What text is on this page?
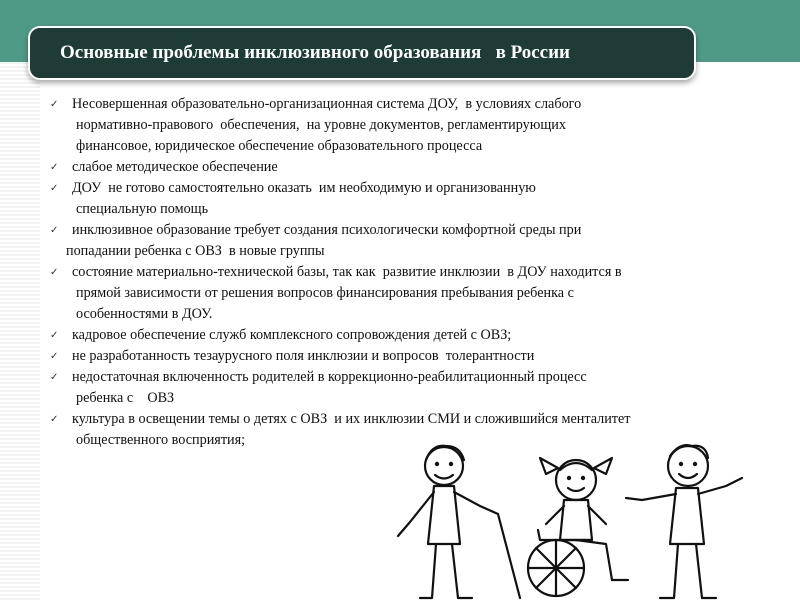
Основные проблемы инклюзивного образования   в России
✓ Несовершенная образовательно-организационная система ДОУ,  в условиях слабого
нормативно-правового  обеспечения,  на уровне документов, регламентирующих
финансовое, юридическое обеспечение образовательного процесса
✓ слабое методическое обеспечение
✓ ДОУ  не готово самостоятельно оказать  им необходимую и организованную
специальную помощь
✓ инклюзивное образование требует создания психологически комфортной среды при
попадании ребенка с ОВЗ  в новые группы
✓ состояние материально-технической базы, так как  развитие инклюзии  в ДОУ находится в
прямой зависимости от решения вопросов финансирования пребывания ребенка с
особенностями в ДОУ.
✓ кадровое обеспечение служб комплексного сопровождения детей с ОВЗ;
✓ не разработанность тезаурусного поля инклюзии и вопросов  толерантности
✓ недостаточная включенность родителей в коррекционно-реабилитационный процесс
ребенка с    ОВЗ
✓ культура в освещении темы о детях с ОВЗ  и их инклюзии СМИ и сложившийся менталитет
общественного восприятия;
